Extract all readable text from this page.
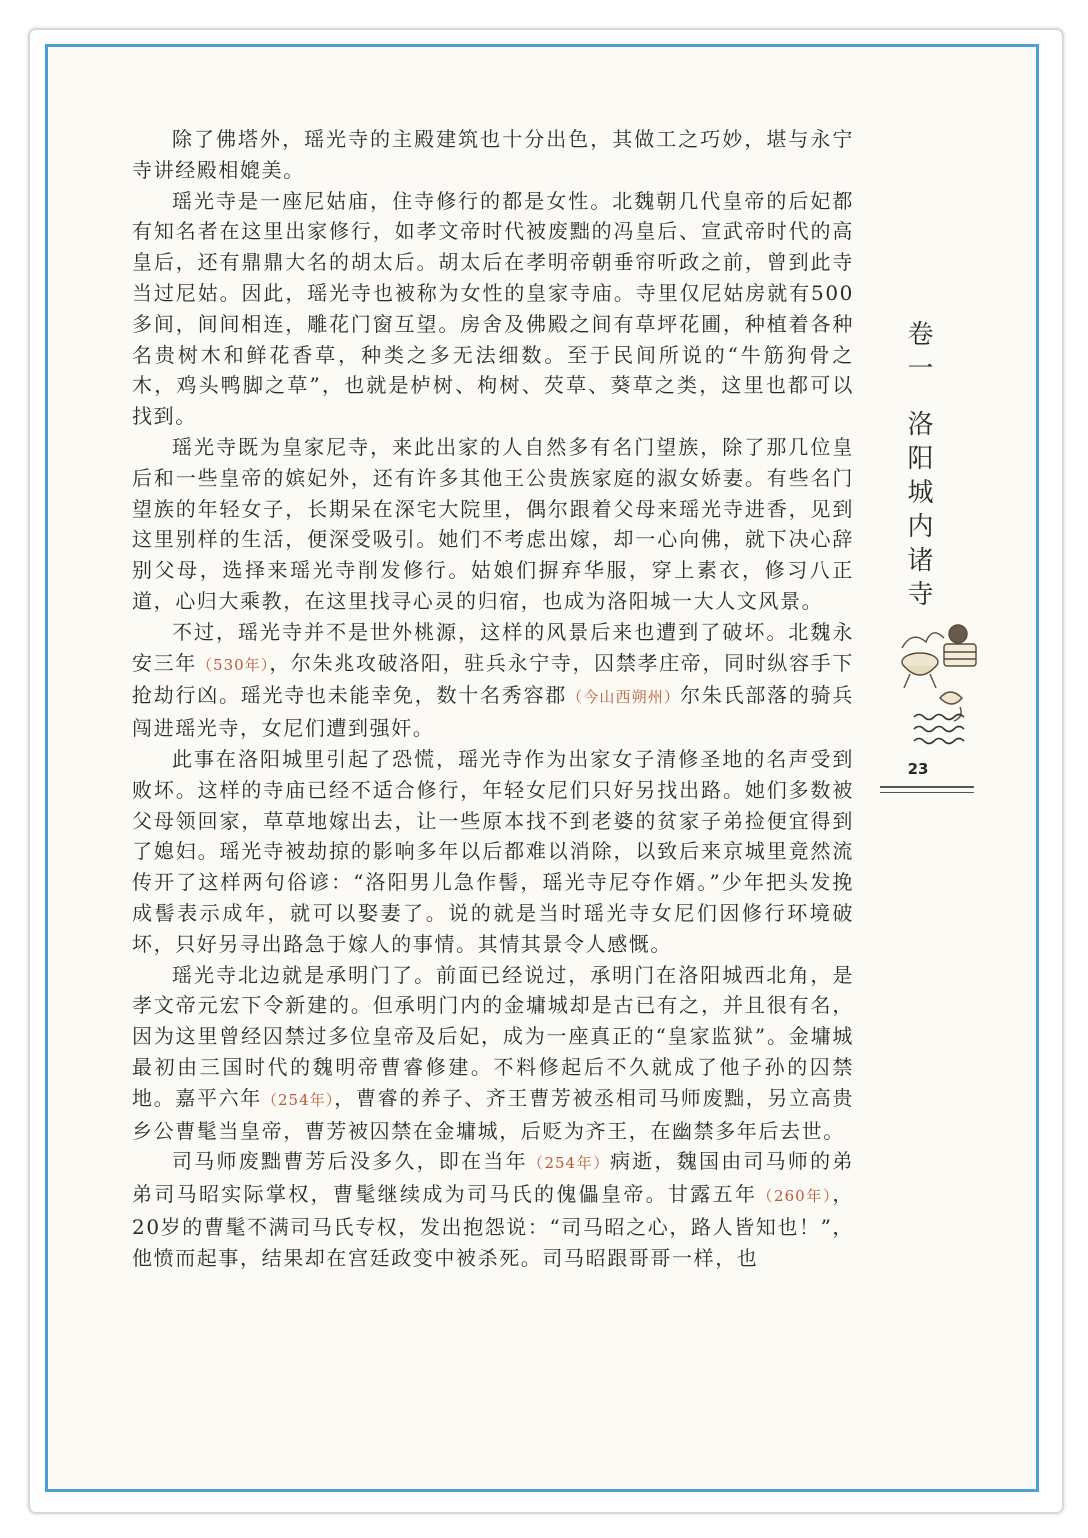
除了佛塔外，瑶光寺的主殿建筑也十分出色，其做工之巧妙，堪与永宁寺讲经殿相媲美。

瑶光寺是一座尼姑庙，住寺修行的都是女性。北魏朝几代皇帝的后妃都有知名者在这里出家修行，如孝文帝时代被废黜的冯皇后、宣武帝时代的高皇后，还有鼎鼎大名的胡太后。胡太后在孝明帝朝垂帘听政之前，曾到此寺当过尼姑。因此，瑶光寺也被称为女性的皇家寺庙。寺里仅尼姑房就有500多间，间间相连，雕花门窗互望。房舍及佛殿之间有草坪花圃，种植着各种名贵树木和鲜花香草，种类之多无法细数。至于民间所说的“牛筋狗骨之木，鸡头鸭脚之草”，也就是栌树、枸树、芡草、葵草之类，这里也都可以找到。

瑶光寺既为皇家尼寺，来此出家的人自然多有名门望族，除了那几位皇后和一些皇帝的嫔妃外，还有许多其他王公贵族家庭的淑女娇妻。有些名门望族的年轻女子，长期呆在深宅大院里，偶尔跟着父母来瑶光寺进香，见到这里别样的生活，便深受吸引。她们不考虑出嫁，却一心向佛，就下决心辞别父母，选择来瑶光寺削发修行。姑娘们摒弃华服，穿上素衣，修习八正道，心归大乘教，在这里找寻心灵的归宿，也成为洛阳城一大人文风景。

不过，瑶光寺并不是世外桃源，这样的风景后来也遭到了破坏。北魏永安三年（530年），尔朱兆攻破洛阳，驻兵永宁寺，囚禁孝庄帝，同时纵容手下抢劫行凶。瑶光寺也未能幸免，数十名秀容郡（今山西朔州）尔朱氏部落的骑兵闯进瑶光寺，女尼们遭到强奸。

此事在洛阳城里引起了恐慌，瑶光寺作为出家女子清修圣地的名声受到败坏。这样的寺庙已经不适合修行，年轻女尼们只好另找出路。她们多数被父母领回家，草草地嫁出去，让一些原本找不到老婆的贫家子弟捡便宜得到了媳妇。瑶光寺被劫掠的影响多年以后都难以消除，以致后来京城里竟然流传开了这样两句俗谚：“洛阳男儿急作髻，瑶光寺尼夺作婿。”少年把头发挽成髻表示成年，就可以娶妻了。说的就是当时瑶光寺女尼们因修行环境破坏，只好另寻出路急于嫁人的事情。其情其景令人感慨。

瑶光寺北边就是承明门了。前面已经说过，承明门在洛阳城西北角，是孝文帝元宏下令新建的。但承明门内的金墉城却是古已有之，并且很有名，因为这里曾经囚禁过多位皇帝及后妃，成为一座真正的“皇家监狱”。金墉城最初由三国时代的魏明帝曹睿修建。不料修起后不久就成了他子孙的囚禁地。嘉平六年（254年），曹睿的养子、齐王曹芳被丞相司马师废黜，另立高贵乡公曹髦当皇帝，曹芳被囚禁在金墉城，后贬为齐王，在幽禁多年后去世。

司马师废黜曹芳后没多久，即在当年（254年）病逝，魏国由司马师的弟弟司马昭实际掌权，曹髦继续成为司马氏的傀儡皇帝。甘露五年（260年），20岁的曹髦不满司马氏专权，发出抱怨说：“司马昭之心，路人皆知也！”，他愤而起事，结果却在宫廷政变中被杀死。司马昭跟哥哥一样，也

卷一洛阳城内诸寺
23
